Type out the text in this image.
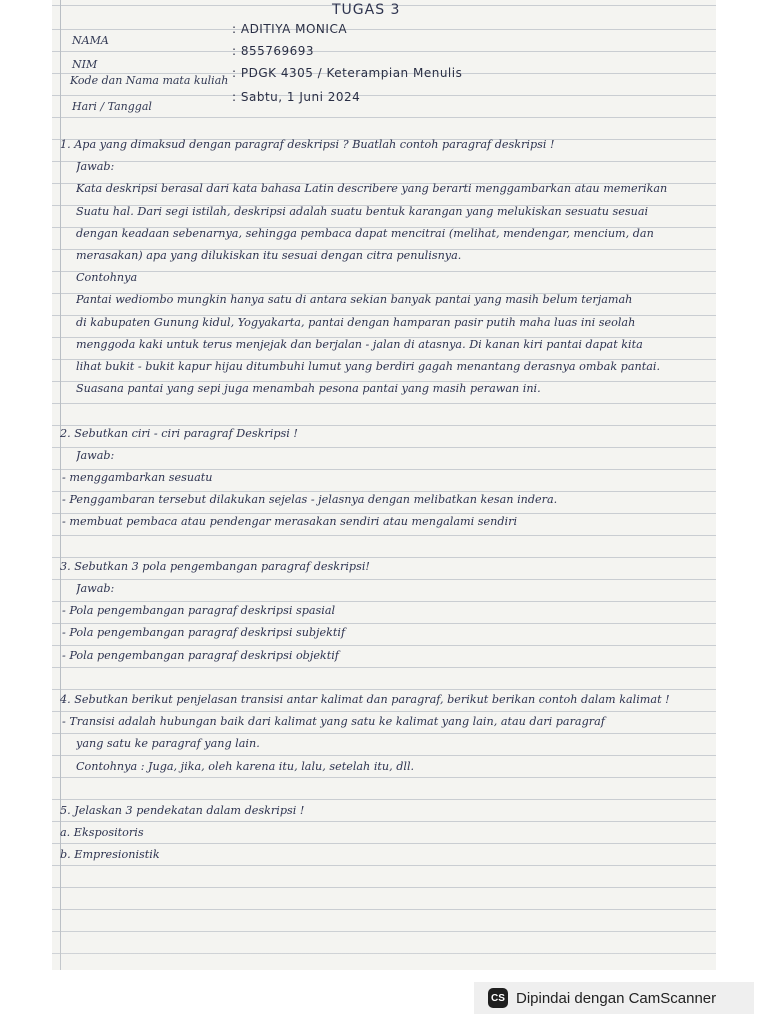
TUGAS 3
NAMA
: ADITIYA MONICA
NIM
: 855769693
Kode dan Nama mata kuliah
: PDGK 4305 / Keterampian Menulis
Hari / Tanggal
: Sabtu, 1 Juni 2024
1. Apa yang dimaksud dengan paragraf deskripsi ? Buatlah contoh paragraf deskripsi !
Jawab:
Kata deskripsi berasal dari kata bahasa Latin describere yang berarti menggambarkan atau memerikan
Suatu hal. Dari segi istilah, deskripsi adalah suatu bentuk karangan yang melukiskan sesuatu sesuai
dengan keadaan sebenarnya, sehingga pembaca dapat mencitrai (melihat, mendengar, mencium, dan
merasakan) apa yang dilukiskan itu sesuai dengan citra penulisnya.
Contohnya
Pantai wediombo mungkin hanya satu di antara sekian banyak pantai yang masih belum terjamah
di kabupaten Gunung kidul, Yogyakarta, pantai dengan hamparan pasir putih maha luas ini seolah
menggoda kaki untuk terus menjejak dan berjalan - jalan di atasnya. Di kanan kiri pantai dapat kita
lihat bukit - bukit kapur hijau ditumbuhi lumut yang berdiri gagah menantang derasnya ombak pantai.
Suasana pantai yang sepi juga menambah pesona pantai yang masih perawan ini.
2. Sebutkan ciri - ciri paragraf Deskripsi !
Jawab:
- menggambarkan sesuatu
- Penggambaran tersebut dilakukan sejelas - jelasnya dengan melibatkan kesan indera.
- membuat pembaca atau pendengar merasakan sendiri atau mengalami sendiri
3. Sebutkan 3 pola pengembangan paragraf deskripsi!
Jawab:
- Pola pengembangan paragraf deskripsi spasial
- Pola pengembangan paragraf deskripsi subjektif
- Pola pengembangan paragraf deskripsi objektif
4. Sebutkan berikut penjelasan transisi antar kalimat dan paragraf, berikut berikan contoh dalam kalimat !
- Transisi adalah hubungan baik dari kalimat yang satu ke kalimat yang lain, atau dari paragraf
yang satu ke paragraf yang lain.
Contohnya : Juga, jika, oleh karena itu, lalu, setelah itu, dll.
5. Jelaskan 3 pendekatan dalam deskripsi !
a. Ekspositoris
b. Empresionistik
CS Dipindai dengan CamScanner
